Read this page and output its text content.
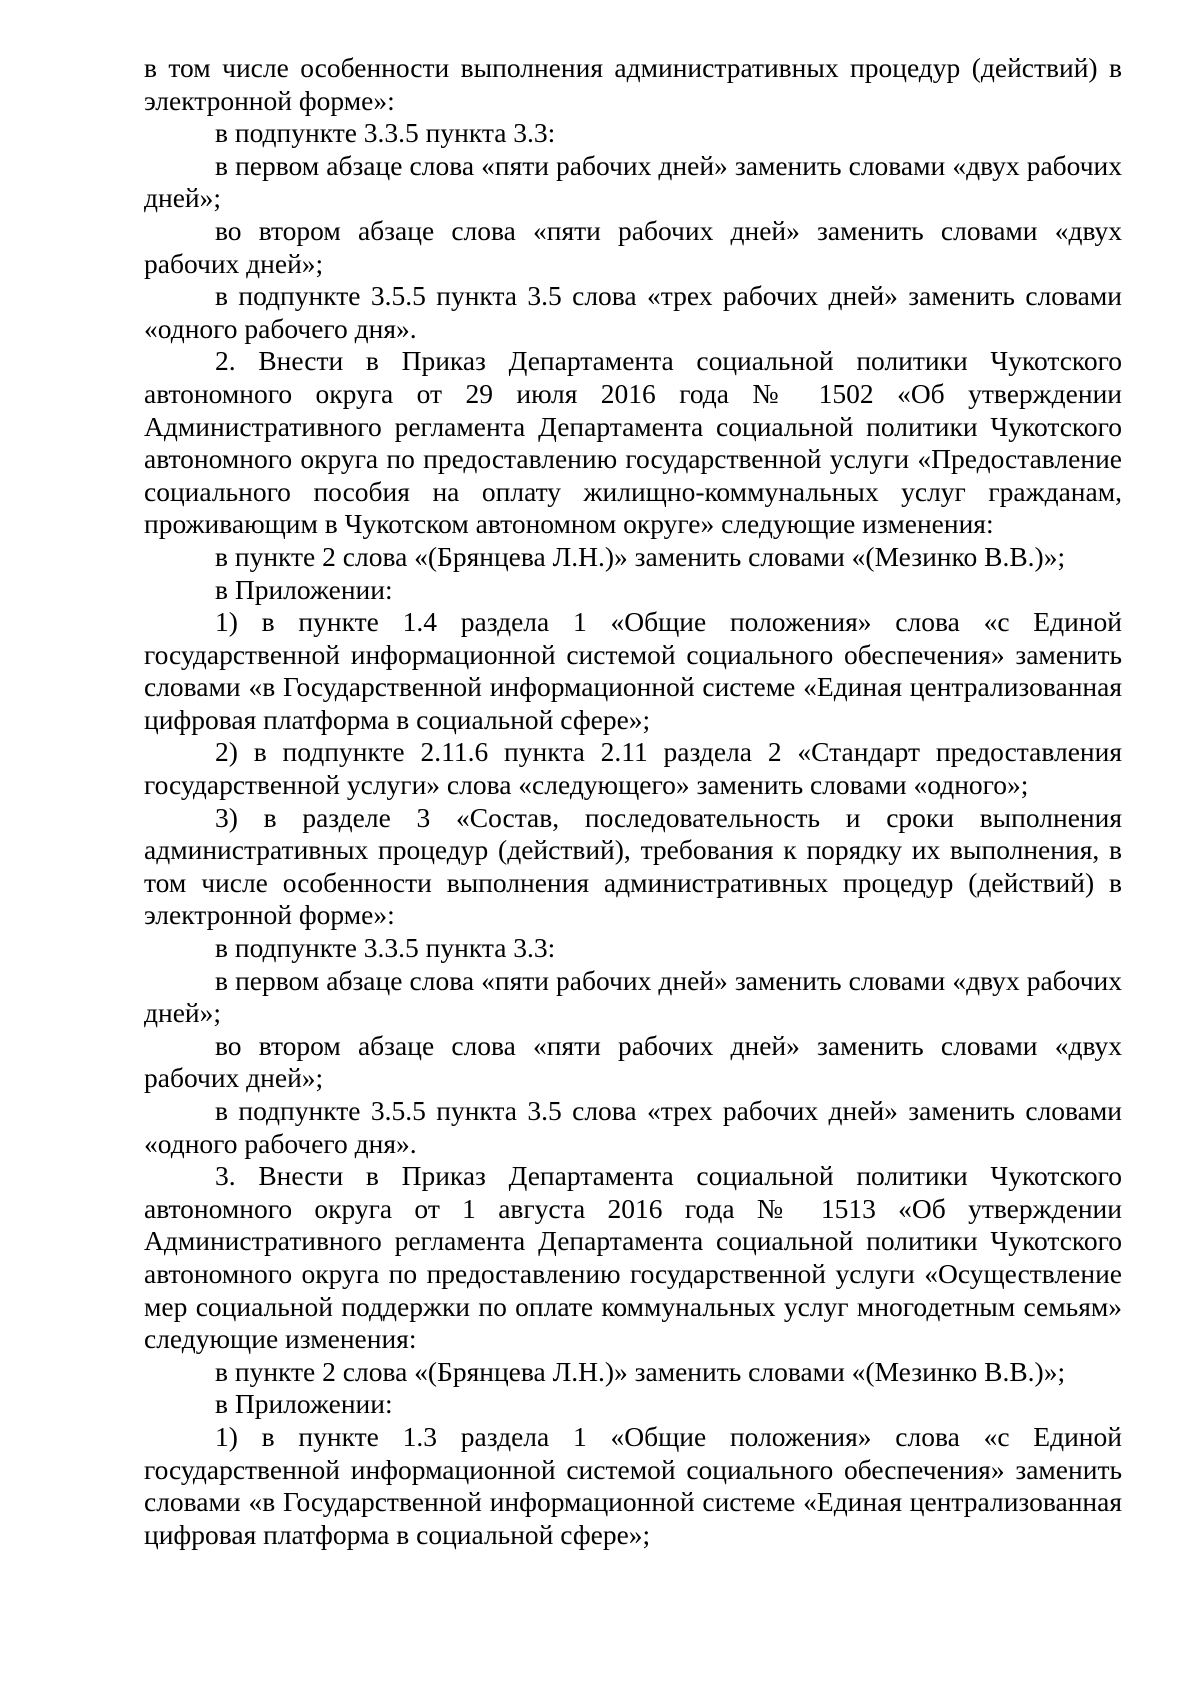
в том числе особенности выполнения административных процедур (действий) в электронной форме»:

в подпункте 3.3.5 пункта 3.3:

в первом абзаце слова «пяти рабочих дней» заменить словами «двух рабочих дней»;

во втором абзаце слова «пяти рабочих дней» заменить словами «двух рабочих дней»;

в подпункте 3.5.5 пункта 3.5 слова «трех рабочих дней» заменить словами «одного рабочего дня».

2. Внести в Приказ Департамента социальной политики Чукотского автономного округа от 29 июля 2016 года № 1502 «Об утверждении Административного регламента Департамента социальной политики Чукотского автономного округа по предоставлению государственной услуги «Предоставление социального пособия на оплату жилищно-коммунальных услуг гражданам, проживающим в Чукотском автономном округе» следующие изменения:

в пункте 2 слова «(Брянцева Л.Н.)» заменить словами «(Мезинко В.В.)»;

в Приложении:

1) в пункте 1.4 раздела 1 «Общие положения» слова «с Единой государственной информационной системой социального обеспечения» заменить словами «в Государственной информационной системе «Единая централизованная цифровая платформа в социальной сфере»;

2) в подпункте 2.11.6 пункта 2.11 раздела 2 «Стандарт предоставления государственной услуги» слова «следующего» заменить словами «одного»;

3) в разделе 3 «Состав, последовательность и сроки выполнения административных процедур (действий), требования к порядку их выполнения, в том числе особенности выполнения административных процедур (действий) в электронной форме»:

в подпункте 3.3.5 пункта 3.3:

в первом абзаце слова «пяти рабочих дней» заменить словами «двух рабочих дней»;

во втором абзаце слова «пяти рабочих дней» заменить словами «двух рабочих дней»;

в подпункте 3.5.5 пункта 3.5 слова «трех рабочих дней» заменить словами «одного рабочего дня».

3. Внести в Приказ Департамента социальной политики Чукотского автономного округа от 1 августа 2016 года № 1513 «Об утверждении Административного регламента Департамента социальной политики Чукотского автономного округа по предоставлению государственной услуги «Осуществление мер социальной поддержки по оплате коммунальных услуг многодетным семьям» следующие изменения:

в пункте 2 слова «(Брянцева Л.Н.)» заменить словами «(Мезинко В.В.)»;

в Приложении:

1) в пункте 1.3 раздела 1 «Общие положения» слова «с Единой государственной информационной системой социального обеспечения» заменить словами «в Государственной информационной системе «Единая централизованная цифровая платформа в социальной сфере»;
